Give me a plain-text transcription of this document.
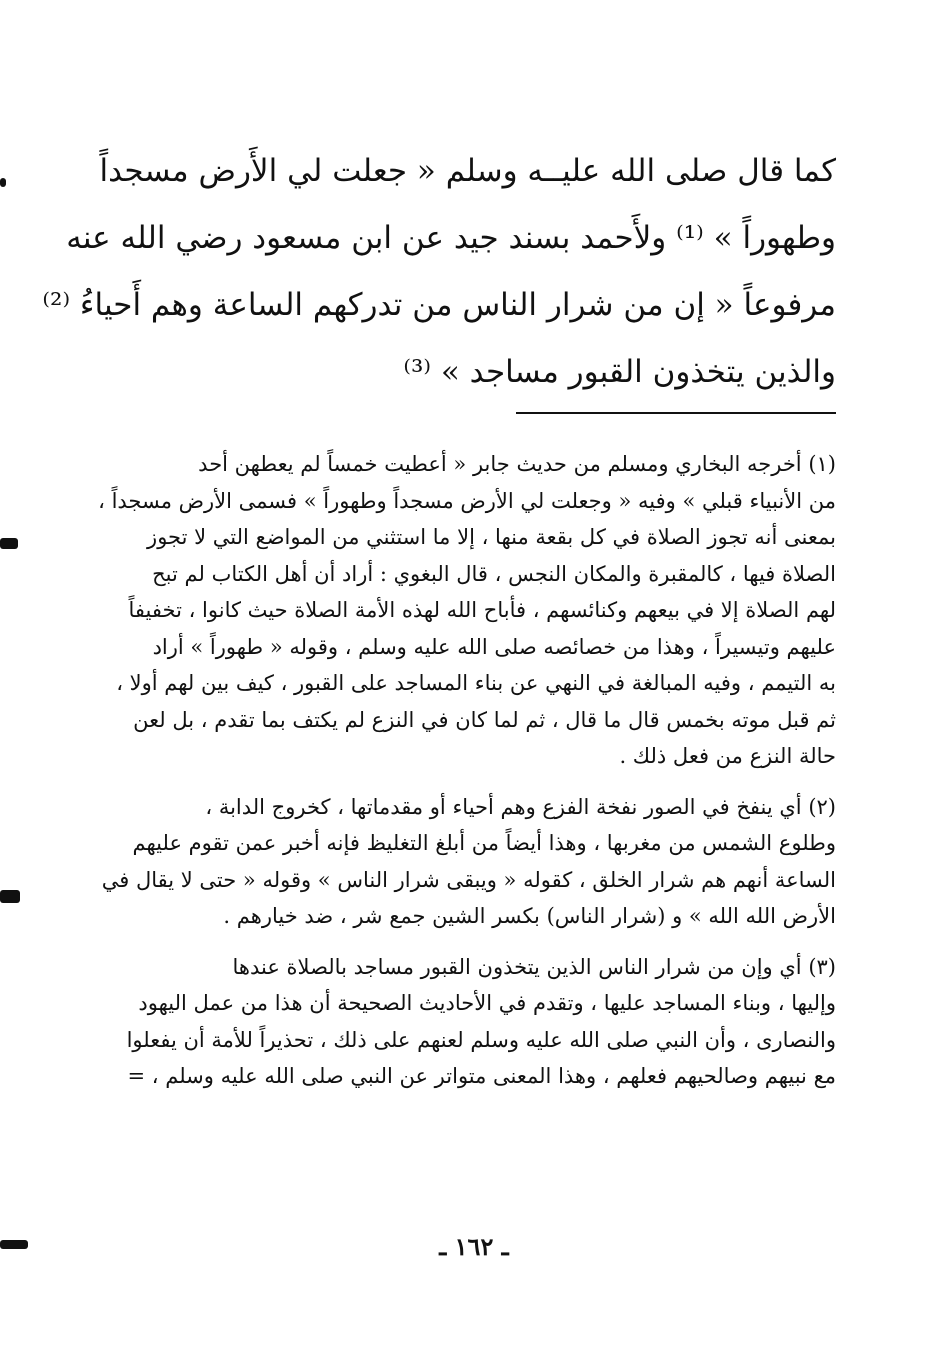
كما قال صلى الله عليــه وسلم « جعلت لي الأَرض مسجداً
وطهوراً » ⁽¹⁾ ولأَحمد بسند جيد عن ابن مسعود رضي الله عنه
مرفوعاً « إن من شرار الناس من تدركهم الساعة وهم أَحياءُ ⁽²⁾
والذين يتخذون القبور مساجد » ⁽³⁾
(١) أخرجه البخاري ومسلم من حديث جابر « أعطيت خمساً لم يعطهن أحد
من الأنبياء قبلي » وفيه « وجعلت لي الأرض مسجداً وطهوراً » فسمى الأرض مسجداً ،
بمعنى أنه تجوز الصلاة في كل بقعة منها ، إلا ما استثني من المواضع التي لا تجوز
الصلاة فيها ، كالمقبرة والمكان النجس ، قال البغوي : أراد أن أهل الكتاب لم تبح
لهم الصلاة إلا في بيعهم وكنائسهم ، فأباح الله لهذه الأمة الصلاة حيث كانوا ، تخفيفاً
عليهم وتيسيراً ، وهذا من خصائصه صلى الله عليه وسلم ، وقوله « طهوراً » أراد
به التيمم ، وفيه المبالغة في النهي عن بناء المساجد على القبور ، كيف بين لهم أولا ،
ثم قبل موته بخمس قال ما قال ، ثم لما كان في النزع لم يكتف بما تقدم ، بل لعن
حالة النزع من فعل ذلك .
(٢) أي ينفخ في الصور نفخة الفزع وهم أحياء أو مقدماتها ، كخروج الدابة ،
وطلوع الشمس من مغربها ، وهذا أيضاً من أبلغ التغليظ فإنه أخبر عمن تقوم عليهم
الساعة أنهم هم شرار الخلق ، كقوله « ويبقى شرار الناس » وقوله « حتى لا يقال في
الأرض الله الله » و (شرار الناس) بكسر الشين جمع شر ، ضد خيارهم .
(٣) أي وإن من شرار الناس الذين يتخذون القبور مساجد بالصلاة عندها
وإليها ، وبناء المساجد عليها ، وتقدم في الأحاديث الصحيحة أن هذا من عمل اليهود
والنصارى ، وأن النبي صلى الله عليه وسلم لعنهم على ذلك ، تحذيراً للأمة أن يفعلوا
مع نبيهم وصالحيهم فعلهم ، وهذا المعنى متواتر عن النبي صلى الله عليه وسلم ، =
ـ ١٦٢ ـ
